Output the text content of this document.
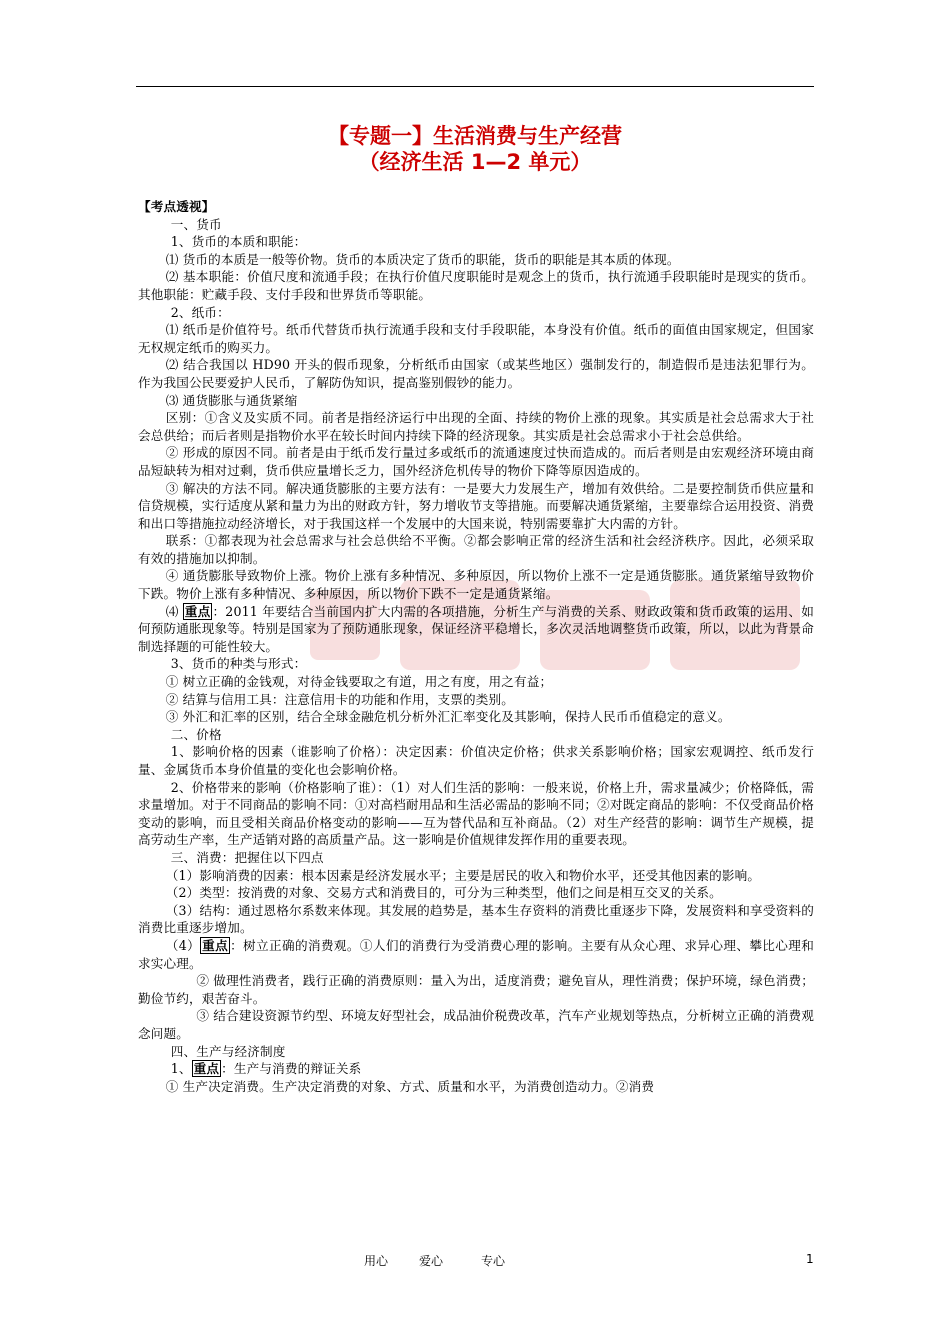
【专题一】生活消费与生产经营
（经济生活 1—2 单元）

【考点透视】

一、货币

1、货币的本质和职能：

⑴ 货币的本质是一般等价物。货币的本质决定了货币的职能，货币的职能是其本质的体现。

⑵ 基本职能：价值尺度和流通手段；在执行价值尺度职能时是观念上的货币，执行流通手段职能时是现实的货币。其他职能：贮藏手段、支付手段和世界货币等职能。

2、纸币：

⑴ 纸币是价值符号。纸币代替货币执行流通手段和支付手段职能，本身没有价值。纸币的面值由国家规定，但国家无权规定纸币的购买力。

⑵ 结合我国以 HD90 开头的假币现象，分析纸币由国家（或某些地区）强制发行的，制造假币是违法犯罪行为。作为我国公民要爱护人民币，了解防伪知识，提高鉴别假钞的能力。

⑶ 通货膨胀与通货紧缩

区别：①含义及实质不同。前者是指经济运行中出现的全面、持续的物价上涨的现象。其实质是社会总需求大于社会总供给；而后者则是指物价水平在较长时间内持续下降的经济现象。其实质是社会总需求小于社会总供给。

② 形成的原因不同。前者是由于纸币发行量过多或纸币的流通速度过快而造成的。而后者则是由宏观经济环境由商品短缺转为相对过剩，货币供应量增长乏力，国外经济危机传导的物价下降等原因造成的。

③ 解决的方法不同。解决通货膨胀的主要方法有：一是要大力发展生产，增加有效供给。二是要控制货币供应量和信贷规模，实行适度从紧和量力为出的财政方针，努力增收节支等措施。而要解决通货紧缩，主要靠综合运用投资、消费和出口等措施拉动经济增长，对于我国这样一个发展中的大国来说，特别需要靠扩大内需的方针。

联系：①都表现为社会总需求与社会总供给不平衡。②都会影响正常的经济生活和社会经济秩序。因此，必须采取有效的措施加以抑制。

④ 通货膨胀导致物价上涨。物价上涨有多种情况、多种原因，所以物价上涨不一定是通货膨胀。通货紧缩导致物价下跌。物价上涨有多种情况、多种原因，所以物价下跌不一定是通货紧缩。

⑷ 重点 ：2011 年要结合当前国内扩大内需的各项措施，分析生产与消费的关系、财政政策和货币政策的运用、如何预防通胀现象等。特别是国家为了预防通胀现象，保证经济平稳增长，多次灵活地调整货币政策，所以，以此为背景命制选择题的可能性较大。

3、货币的种类与形式：

① 树立正确的金钱观，对待金钱要取之有道，用之有度，用之有益；

② 结算与信用工具：注意信用卡的功能和作用，支票的类别。

③ 外汇和汇率的区别，结合全球金融危机分析外汇汇率变化及其影响，保持人民币币值稳定的意义。

二、价格

1、影响价格的因素（谁影响了价格）：决定因素：价值决定价格；供求关系影响价格；国家宏观调控、纸币发行量、金属货币本身价值量的变化也会影响价格。

2、价格带来的影响（价格影响了谁）：（1）对人们生活的影响：一般来说，价格上升，需求量减少；价格降低，需求量增加。对于不同商品的影响不同：①对高档耐用品和生活必需品的影响不同；②对既定商品的影响：不仅受商品价格变动的影响，而且受相关商品价格变动的影响——互为替代品和互补商品。（2）对生产经营的影响：调节生产规模，提高劳动生产率，生产适销对路的高质量产品。这一影响是价值规律发挥作用的重要表现。

三、消费：把握住以下四点

（1）影响消费的因素：根本因素是经济发展水平；主要是居民的收入和物价水平，还受其他因素的影响。

（2）类型：按消费的对象、交易方式和消费目的，可分为三种类型，他们之间是相互交叉的关系。

（3）结构：通过恩格尔系数来体现。其发展的趋势是，基本生存资料的消费比重逐步下降，发展资料和享受资料的消费比重逐步增加。

（4） 重点 ：树立正确的消费观。①人们的消费行为受消费心理的影响。主要有从众心理、求异心理、攀比心理和求实心理。

　　② 做理性消费者，践行正确的消费原则：量入为出，适度消费；避免盲从，理性消费；保护环境，绿色消费；勤俭节约，艰苦奋斗。

　　③ 结合建设资源节约型、环境友好型社会，成品油价税费改革，汽车产业规划等热点，分析树立正确的消费观念问题。

四、生产与经济制度

1、 重点 ：生产与消费的辩证关系

① 生产决定消费。生产决定消费的对象、方式、质量和水平，为消费创造动力。②消费

用心	爱心	专心	1
